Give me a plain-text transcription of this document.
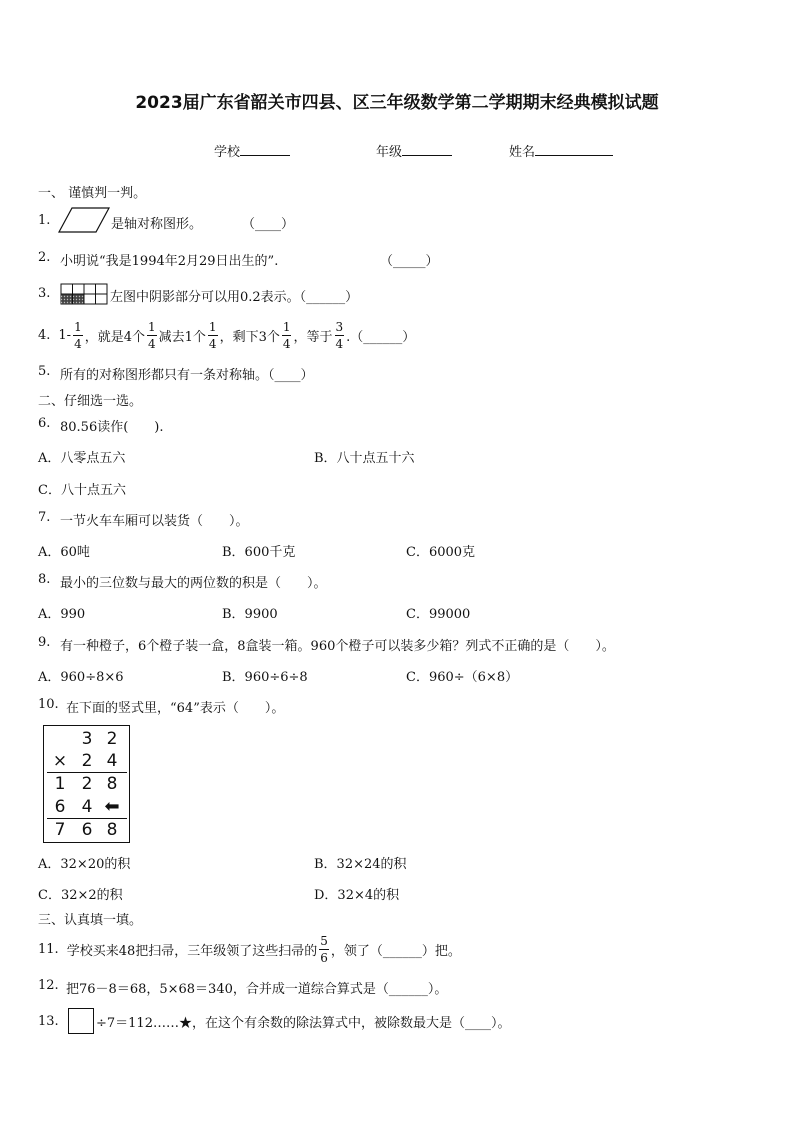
2023届广东省韶关市四县、区三年级数学第二学期期末经典模拟试题
学校	年级	姓名
一、 谨慎判一判。
1.	是轴对称图形。	（____）
2. 小明说“我是1994年2月29日出生的”.	（_____）
3.	左图中阴影部分可以用0.2表示。（______）
4. $1- \frac{1}{4}$ ，就是4个 $\frac{1}{4}$ 减去1个 $\frac{1}{4}$ ，剩下3个 $\frac{1}{4}$ ，等于 $\frac{3}{4}$ .（______）
5. 所有的对称图形都只有一条对称轴。（____）
二、仔细选一选。
6. 80.56读作(　　).
A．八零点五六	B．八十点五十六
C．八十点五六
7. 一节火车车厢可以装货（　　）。
A．60吨	B．600千克	C．6000克
8. 最小的三位数与最大的两位数的积是（　　）。
A．990	B．9900	C．99000
9. 有一种橙子，6个橙子装一盒，8盒装一箱。960个橙子可以装多少箱？列式不正确的是（　　）。
A．960÷8×6	B．960÷6÷8	C．960÷（6×8）
10. 在下面的竖式里，“64”表示（　　）。
3 2
× 2 4
1 2 8
6 4 ⬅
7 6 8
A．32×20的积	B．32×24的积
C．32×2的积	D．32×4的积
三、认真填一填。
11. 学校买来48把扫帚，三年级领了这些扫帚的 $\frac{5}{6}$ ，领了（______）把。
12. 把76－8＝68，5×68＝340，合并成一道综合算式是（______）。
13.	÷7＝112……★，在这个有余数的除法算式中，被除数最大是（____）。
